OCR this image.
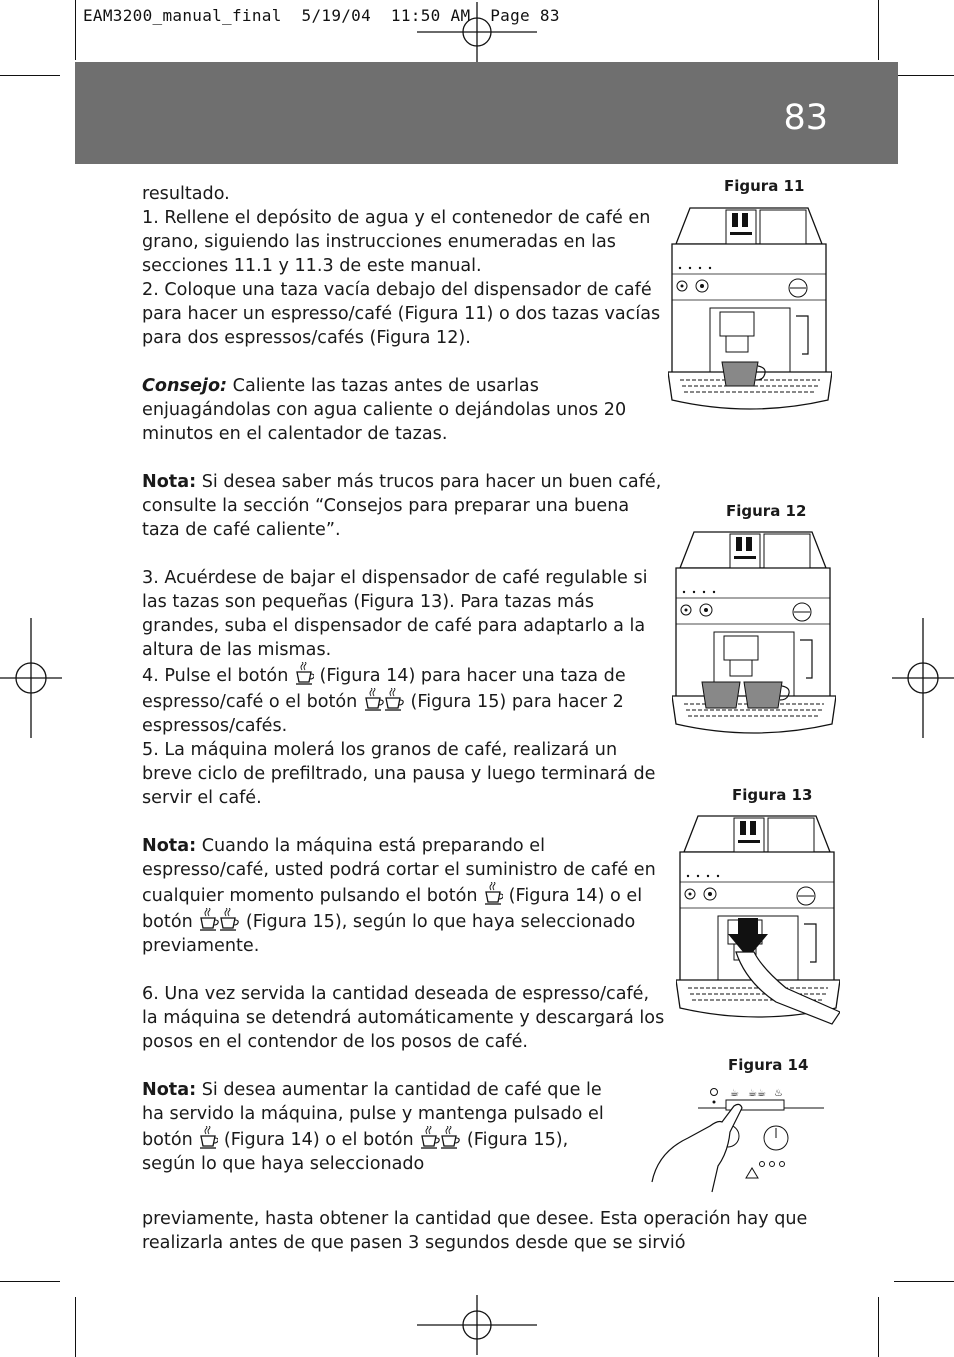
EAM3200_manual_final  5/19/04  11:50 AM  Page 83
83

resultado.

1. Rellene el depósito de agua y el contenedor de café en grano, siguiendo las instrucciones enumeradas en las secciones 11.1 y 11.3 de este manual.

2. Coloque una taza vacía debajo del dispensador de café para hacer un espresso/café (Figura 11) o dos tazas vacías para dos espressos/cafés (Figura 12).

Consejo: Caliente las tazas antes de usarlas enjuagándolas con agua caliente o dejándolas unos 20 minutos en el calentador de tazas.

Nota: Si desea saber más trucos para hacer un buen café, consulte la sección “Consejos para preparar una buena taza de café caliente”.

3. Acuérdese de bajar el dispensador de café regulable si las tazas son pequeñas (Figura 13). Para tazas más grandes, suba el dispensador de café para adaptarlo a la altura de las mismas.

4. Pulse el botón  (Figura 14) para hacer una taza de espresso/café o el botón  (Figura 15) para hacer 2 espressos/cafés.

5. La máquina molerá los granos de café, realizará un breve ciclo de prefiltrado, una pausa y luego terminará de servir el café.

Nota: Cuando la máquina está preparando el espresso/café, usted podrá cortar el suministro de café en cualquier momento pulsando el botón  (Figura 14) o el botón  (Figura 15), según lo que haya seleccionado previamente.

6. Una vez servida la cantidad deseada de espresso/café, la máquina se detendrá automáticamente y descargará los posos en el contendor de los posos de café.

Nota: Si desea aumentar la cantidad de café que le ha servido la máquina, pulse y mantenga pulsado el botón  (Figura 14) o el botón  (Figura 15), según lo que haya seleccionado

previamente, hasta obtener la cantidad que desee. Esta operación hay que realizarla antes de que pasen 3 segundos desde que se sirvió
Figura 11
Figura 12
Figura 13
Figura 14
☕ ☕☕ ♨
